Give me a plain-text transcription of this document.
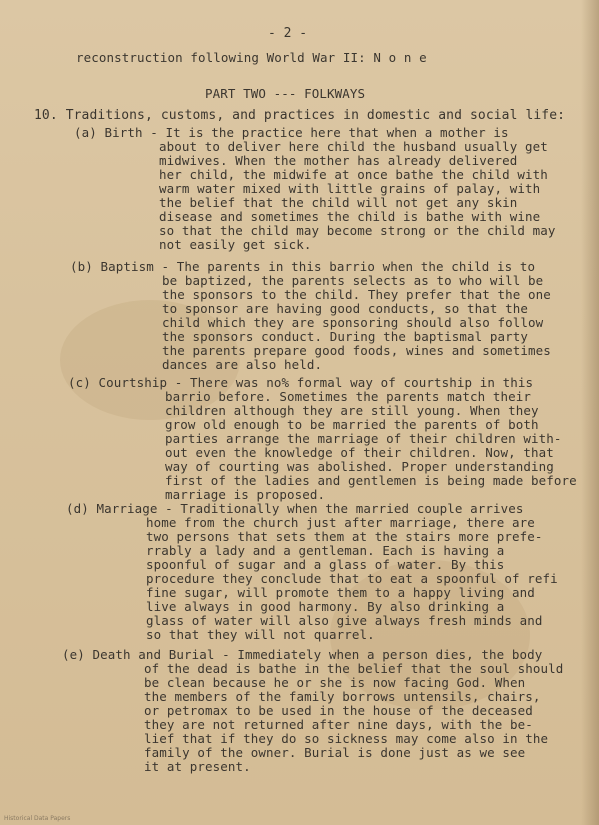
- 2 -
reconstruction following World War II: N o n e
PART TWO --- FOLKWAYS
10. Traditions, customs, and practices in domestic and social life:
(a) Birth - It is the practice here that when a mother is
about to deliver here child the husband usually get
midwives. When the mother has already delivered
her child, the midwife at once bathe the child with
warm water mixed with little grains of palay, with
the belief that the child will not get any skin
disease and sometimes the child is bathe with wine
so that the child may become strong or the child may
not easily get sick.
(b) Baptism - The parents in this barrio when the child is to
be baptized, the parents selects as to who will be
the sponsors to the child. They prefer that the one
to sponsor are having good conducts, so that the
child which they are sponsoring should also follow
the sponsors conduct. During the baptismal party
the parents prepare good foods, wines and sometimes
dances are also held.
(c) Courtship - There was no% formal way of courtship in this
barrio before. Sometimes the parents match their
children although they are still young. When they
grow old enough to be married the parents of both
parties arrange the marriage of their children with-
out even the knowledge of their children. Now, that
way of courting was abolished. Proper understanding
first of the ladies and gentlemen is being made before
marriage is proposed.
(d) Marriage - Traditionally when the married couple arrives
home from the church just after marriage, there are
two persons that sets them at the stairs more prefe-
rrably a lady and a gentleman. Each is having a
spoonful of sugar and a glass of water. By this
procedure they conclude that to eat a spoonful of refi
fine sugar, will promote them to a happy living and
live always in good harmony. By also drinking a
glass of water will also give always fresh minds and
so that they will not quarrel.
(e) Death and Burial - Immediately when a person dies, the body
of the dead is bathe in the belief that the soul should
be clean because he or she is now facing God. When
the members of the family borrows untensils, chairs,
or petromax to be used in the house of the deceased
they are not returned after nine days, with the be-
lief that if they do so sickness may come also in the
family of the owner. Burial is done just as we see
it at present.
Historical Data Papers
